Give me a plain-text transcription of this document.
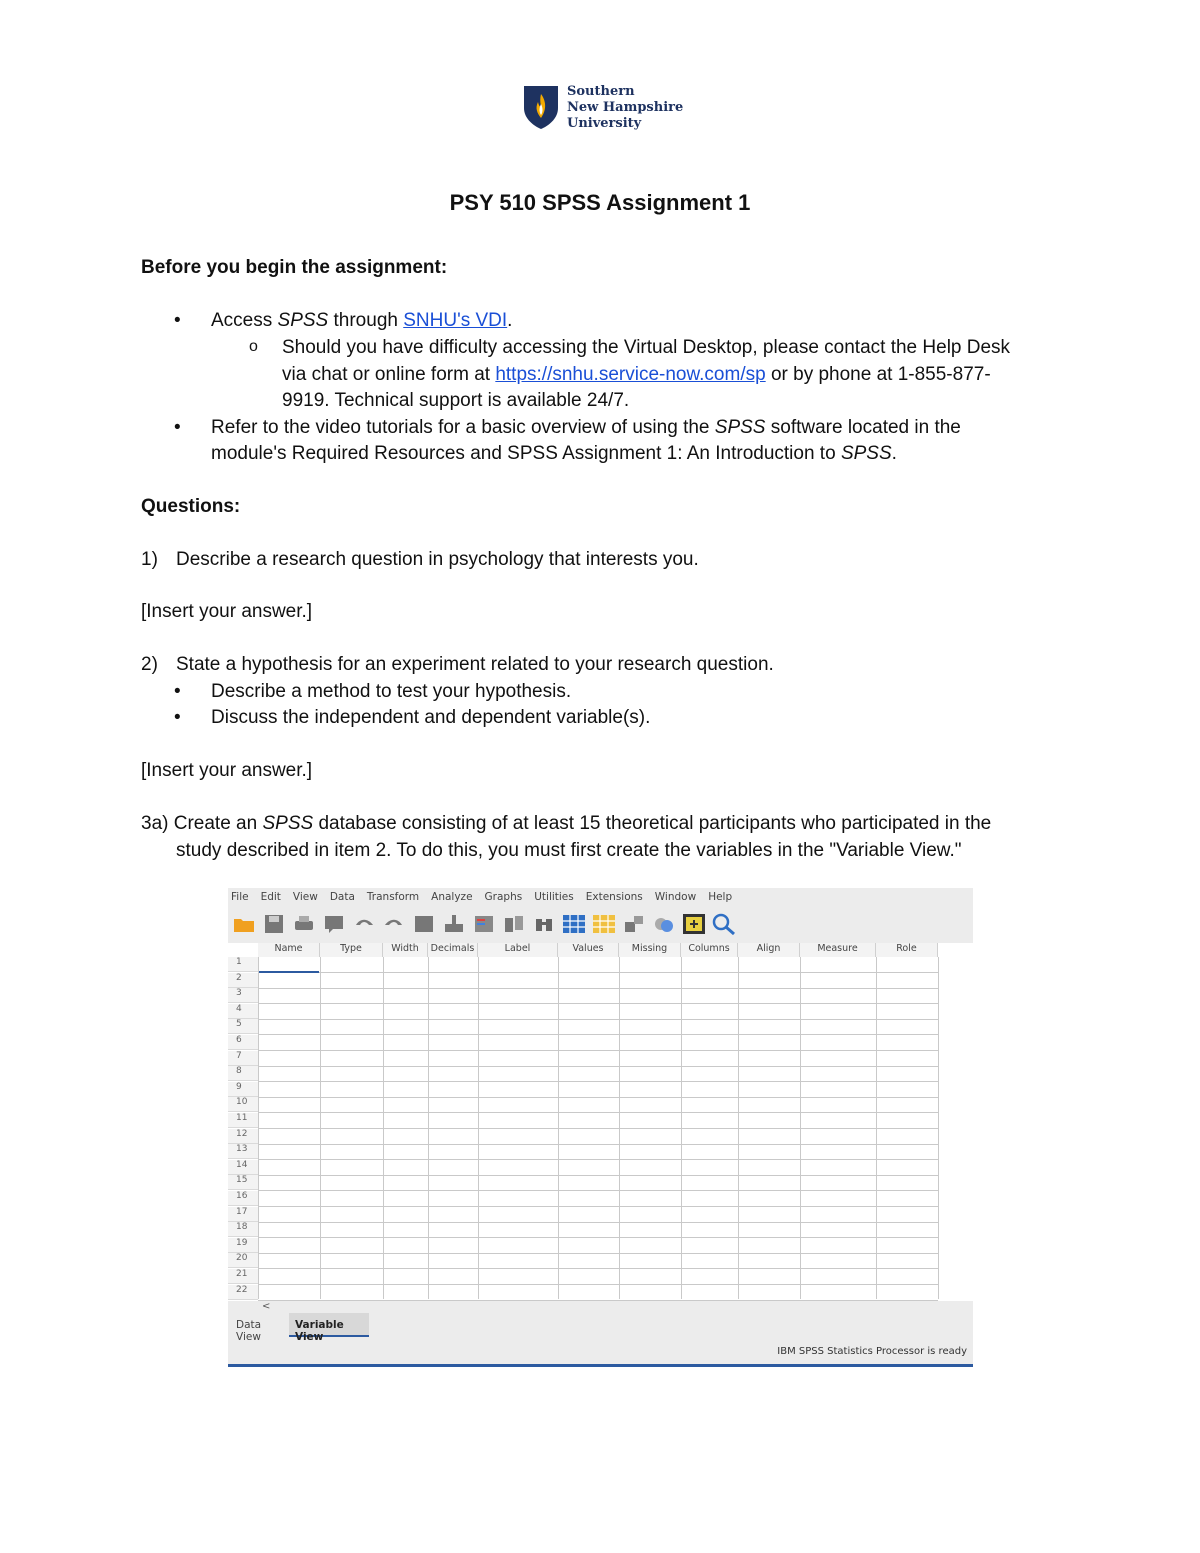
Southern
New Hampshire
University
PSY 510 SPSS Assignment 1
Before you begin the assignment:
• Access SPSS through SNHU's VDI.
o Should you have difficulty accessing the Virtual Desktop, please contact the Help Desk
via chat or online form at https://snhu.service-now.com/sp or by phone at 1-855-877-
9919. Technical support is available 24/7.
• Refer to the video tutorials for a basic overview of using the SPSS software located in the
module's Required Resources and SPSS Assignment 1: An Introduction to SPSS.
Questions:
1) Describe a research question in psychology that interests you.
[Insert your answer.]
2) State a hypothesis for an experiment related to your research question.
• Describe a method to test your hypothesis.
• Discuss the independent and dependent variable(s).
[Insert your answer.]
3a) Create an SPSS database consisting of at least 15 theoretical participants who participated in the
study described in item 2. To do this, you must first create the variables in the "Variable View."
File	Edit	View	Data	Transform	Analyze	Graphs	Utilities	Extensions	Window	Help
Name	Type	Width	Decimals	Label	Values	Missing	Columns	Align	Measure	Role
1
2
3
4
5
6
7
8
9
10
11
12
13
14
15
16
17
18
19
20
21
22
<
Data View
Variable View
IBM SPSS Statistics Processor is ready
